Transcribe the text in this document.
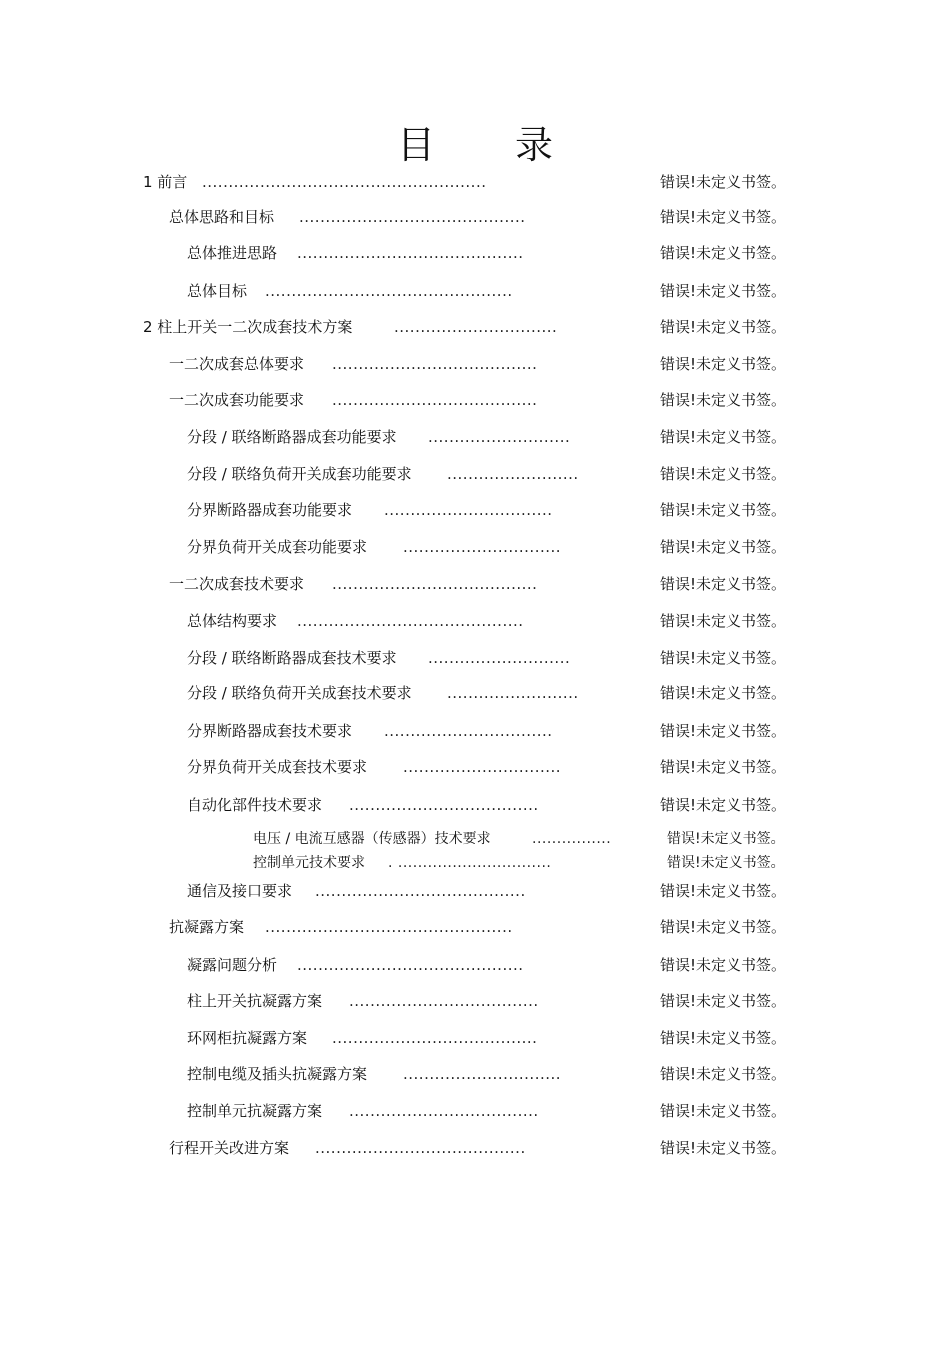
目 录
1 前言 ......................................................	错误!未定义书签。
总体思路和目标 ...........................................	错误!未定义书签。
总体推进思路 ...........................................	错误!未定义书签。
总体目标 ...............................................	错误!未定义书签。
2 柱上开关一二次成套技术方案	...............................	错误!未定义书签。
一二次成套总体要求 .......................................	错误!未定义书签。
一二次成套功能要求 .......................................	错误!未定义书签。
分段 / 联络断路器成套功能要求 ...........................	错误!未定义书签。
分段 / 联络负荷开关成套功能要求 .........................	错误!未定义书签。
分界断路器成套功能要求 ................................	错误!未定义书签。
分界负荷开关成套功能要求 ..............................	错误!未定义书签。
一二次成套技术要求 .......................................	错误!未定义书签。
总体结构要求 ...........................................	错误!未定义书签。
分段 / 联络断路器成套技术要求 ...........................	错误!未定义书签。
分段 / 联络负荷开关成套技术要求 .........................	错误!未定义书签。
分界断路器成套技术要求 ................................	错误!未定义书签。
分界负荷开关成套技术要求 ..............................	错误!未定义书签。
自动化部件技术要求 ....................................	错误!未定义书签。
电压 / 电流互感器（传感器）技术要求	................	错误!未定义书签。
控制单元技术要求 . ...............................	错误!未定义书签。
通信及接口要求 ........................................	错误!未定义书签。
抗凝露方案 ...............................................	错误!未定义书签。
凝露问题分析 ...........................................	错误!未定义书签。
柱上开关抗凝露方案 ....................................	错误!未定义书签。
环网柜抗凝露方案 .......................................	错误!未定义书签。
控制电缆及插头抗凝露方案 ..............................	错误!未定义书签。
控制单元抗凝露方案 ....................................	错误!未定义书签。
行程开关改进方案 ........................................	错误!未定义书签。
